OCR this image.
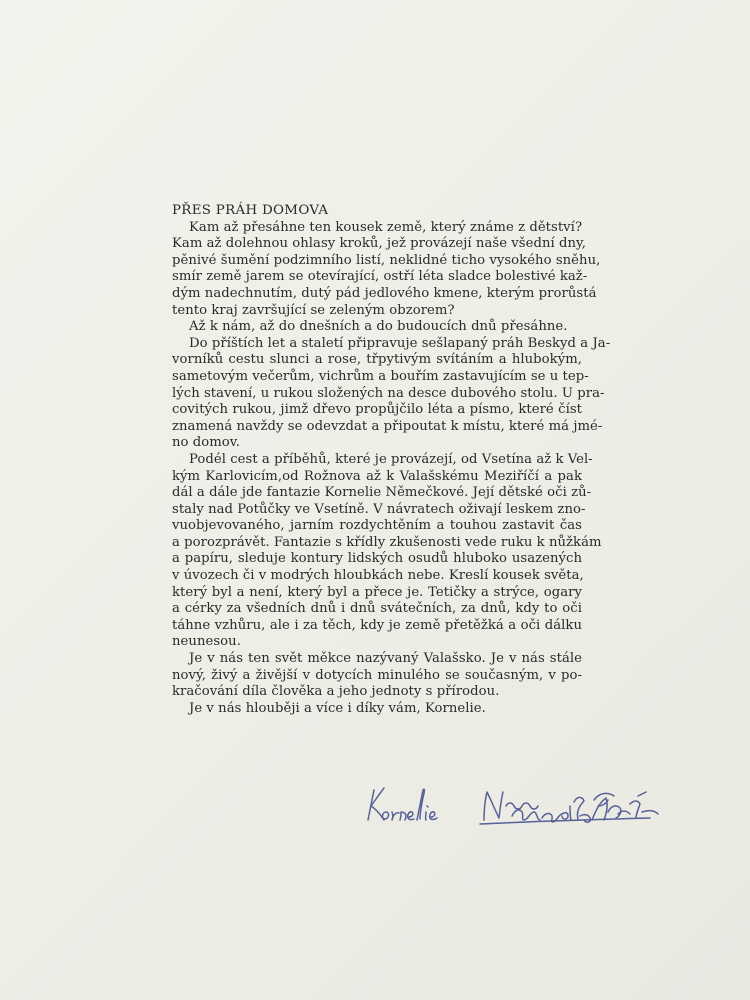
PŘES PRÁH DOMOVA

Kam až přesáhne ten kousek země, který známe z dětství?
Kam až dolehnou ohlasy kroků, jež provázejí naše všední dny,
pěnivé šumění podzimního listí, neklidné ticho vysokého sněhu,
smír země jarem se otevírající, ostří léta sladce bolestivé kaž-
dým nadechnutím, dutý pád jedlového kmene, kterým prorůstá
tento kraj završující se zeleným obzorem?

Až k nám, až do dnešních a do budoucích dnů přesáhne.

Do příštích let a staletí připravuje sešlapaný práh Beskyd a Ja-
vorníků cestu slunci a rose, třpytivým svítáním a hlubokým,
sametovým večerům, vichrům a bouřím zastavujícím se u tep-
lých stavení, u rukou složených na desce dubového stolu. U pra-
covitých rukou, jimž dřevo propůjčilo léta a písmo, které číst
znamená navždy se odevzdat a připoutat k místu, které má jmé-
no domov.

Podél cest a příběhů, které je provázejí, od Vsetína až k Vel-
kým Karlovicím,od Rožnova až k Valašskému Meziříčí a pak
dál a dále jde fantazie Kornelie Němečkové. Její dětské oči zů-
staly nad Potůčky ve Vsetíně. V návratech oživají leskem zno-
vuobjevovaného, jarním rozdychtěním a touhou zastavit čas
a porozprávět. Fantazie s křídly zkušenosti vede ruku k nůžkám
a papíru, sleduje kontury lidských osudů hluboko usazených
v úvozech či v modrých hloubkách nebe. Kreslí kousek světa,
který byl a není, který byl a přece je. Tetičky a strýce, ogary
a cérky za všedních dnů i dnů svátečních, za dnů, kdy to oči
táhne vzhůru, ale i za těch, kdy je země přetěžká a oči dálku
neunesou.

Je v nás ten svět měkce nazývaný Valašsko. Je v nás stále
nový, živý a živější v dotycích minulého se současným, v po-
kračování díla člověka a jeho jednoty s přírodou.

Je v nás hlouběji a více i díky vám, Kornelie.
